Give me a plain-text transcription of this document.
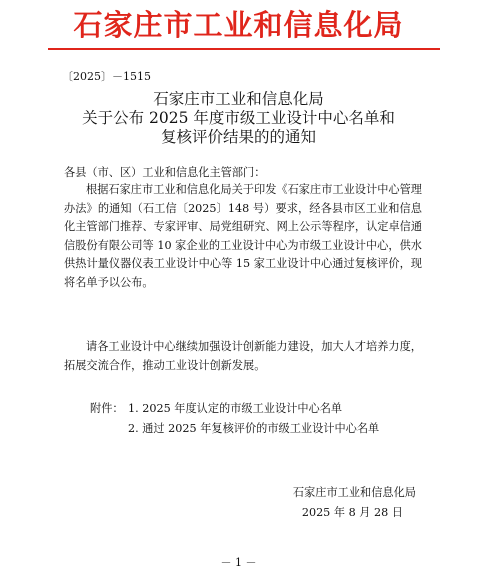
石家庄市工业和信息化局
〔2025〕－1515
石家庄市工业和信息化局
关于公布 2025 年度市级工业设计中心名单和
复核评价结果的的通知
各县（市、区）工业和信息化主管部门：

根据石家庄市工业和信息化局关于印发《石家庄市工业设计中心管理办法》的通知（石工信〔2025〕148 号）要求，经各县市区工业和信息化主管部门推荐、专家评审、局党组研究、网上公示等程序，认定卓信通信股份有限公司等 10 家企业的工业设计中心为市级工业设计中心，供水供热计量仪器仪表工业设计中心等 15 家工业设计中心通过复核评价，现将名单予以公布。

请各工业设计中心继续加强设计创新能力建设，加大人才培养力度，拓展交流合作，推动工业设计创新发展。

附件： 1. 2025 年度认定的市级工业设计中心名单
2. 通过 2025 年复核评价的市级工业设计中心名单
石家庄市工业和信息化局
2025 年 8 月 28 日
－ 1 －
